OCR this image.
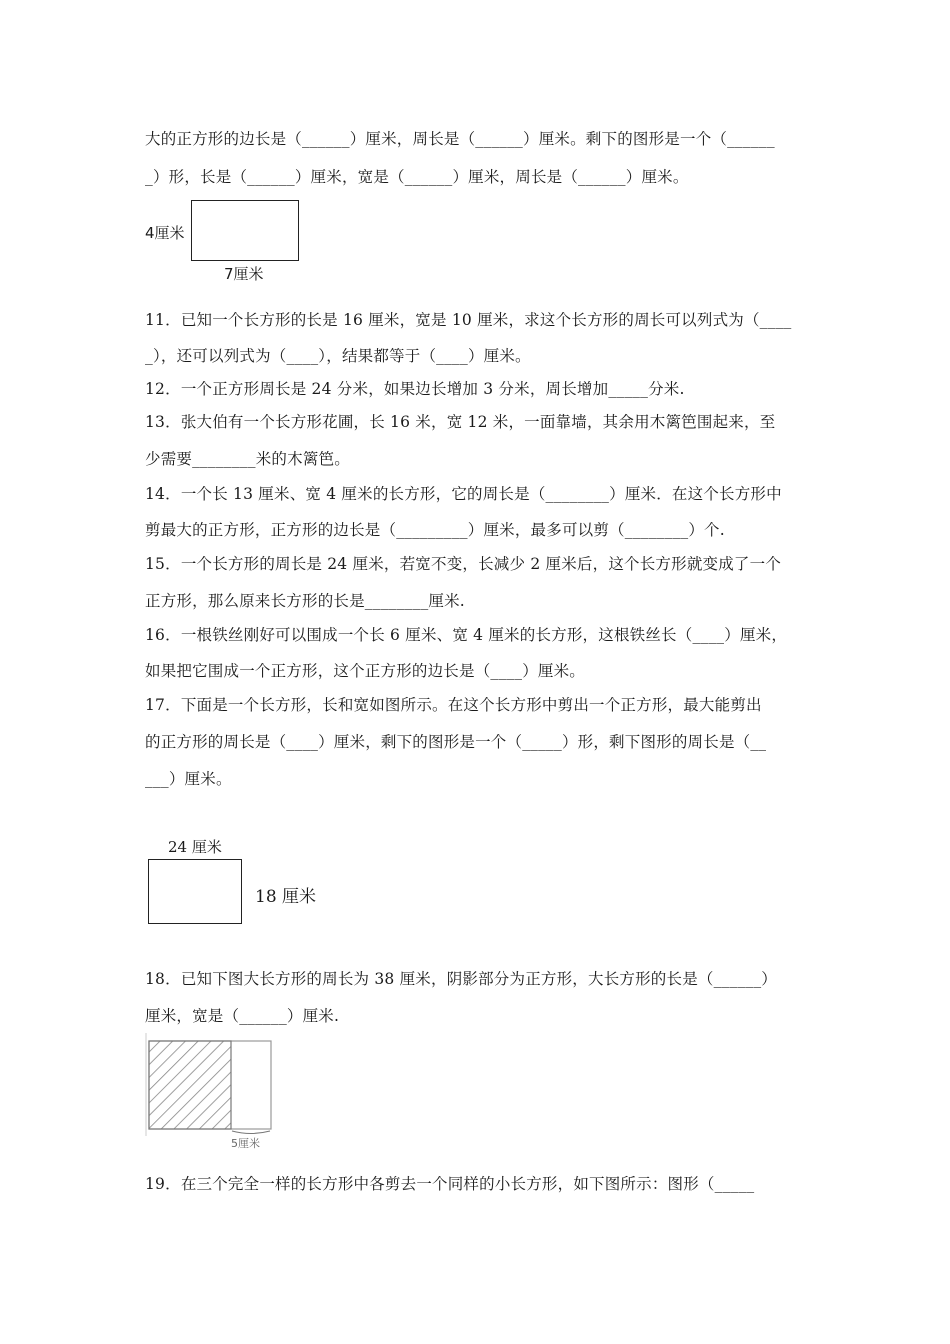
大的正方形的边长是（______）厘米，周长是（______）厘米。剩下的图形是一个（______
_）形，长是（______）厘米，宽是（______）厘米，周长是（______）厘米。
4厘米
7厘米
11．已知一个长方形的长是 16 厘米，宽是 10 厘米，求这个长方形的周长可以列式为（____
_），还可以列式为（____），结果都等于（____）厘米。
12．一个正方形周长是 24 分米，如果边长增加 3 分米，周长增加_____分米.
13．张大伯有一个长方形花圃，长 16 米，宽 12 米，一面靠墙，其余用木篱笆围起来，至
少需要________米的木篱笆。
14．一个长 13 厘米、宽 4 厘米的长方形，它的周长是（________）厘米．在这个长方形中
剪最大的正方形，正方形的边长是（_________）厘米，最多可以剪（________）个.
15．一个长方形的周长是 24 厘米，若宽不变，长减少 2 厘米后，这个长方形就变成了一个
正方形，那么原来长方形的长是________厘米.
16．一根铁丝刚好可以围成一个长 6 厘米、宽 4 厘米的长方形，这根铁丝长（____）厘米，
如果把它围成一个正方形，这个正方形的边长是（____）厘米。
17．下面是一个长方形，长和宽如图所示。在这个长方形中剪出一个正方形，最大能剪出
的正方形的周长是（____）厘米，剩下的图形是一个（_____）形，剩下图形的周长是（__
___）厘米。
24 厘米
18 厘米
18．已知下图大长方形的周长为 38 厘米，阴影部分为正方形，大长方形的长是（______）
厘米，宽是（______）厘米.
5厘米
19．在三个完全一样的长方形中各剪去一个同样的小长方形，如下图所示：图形（_____
